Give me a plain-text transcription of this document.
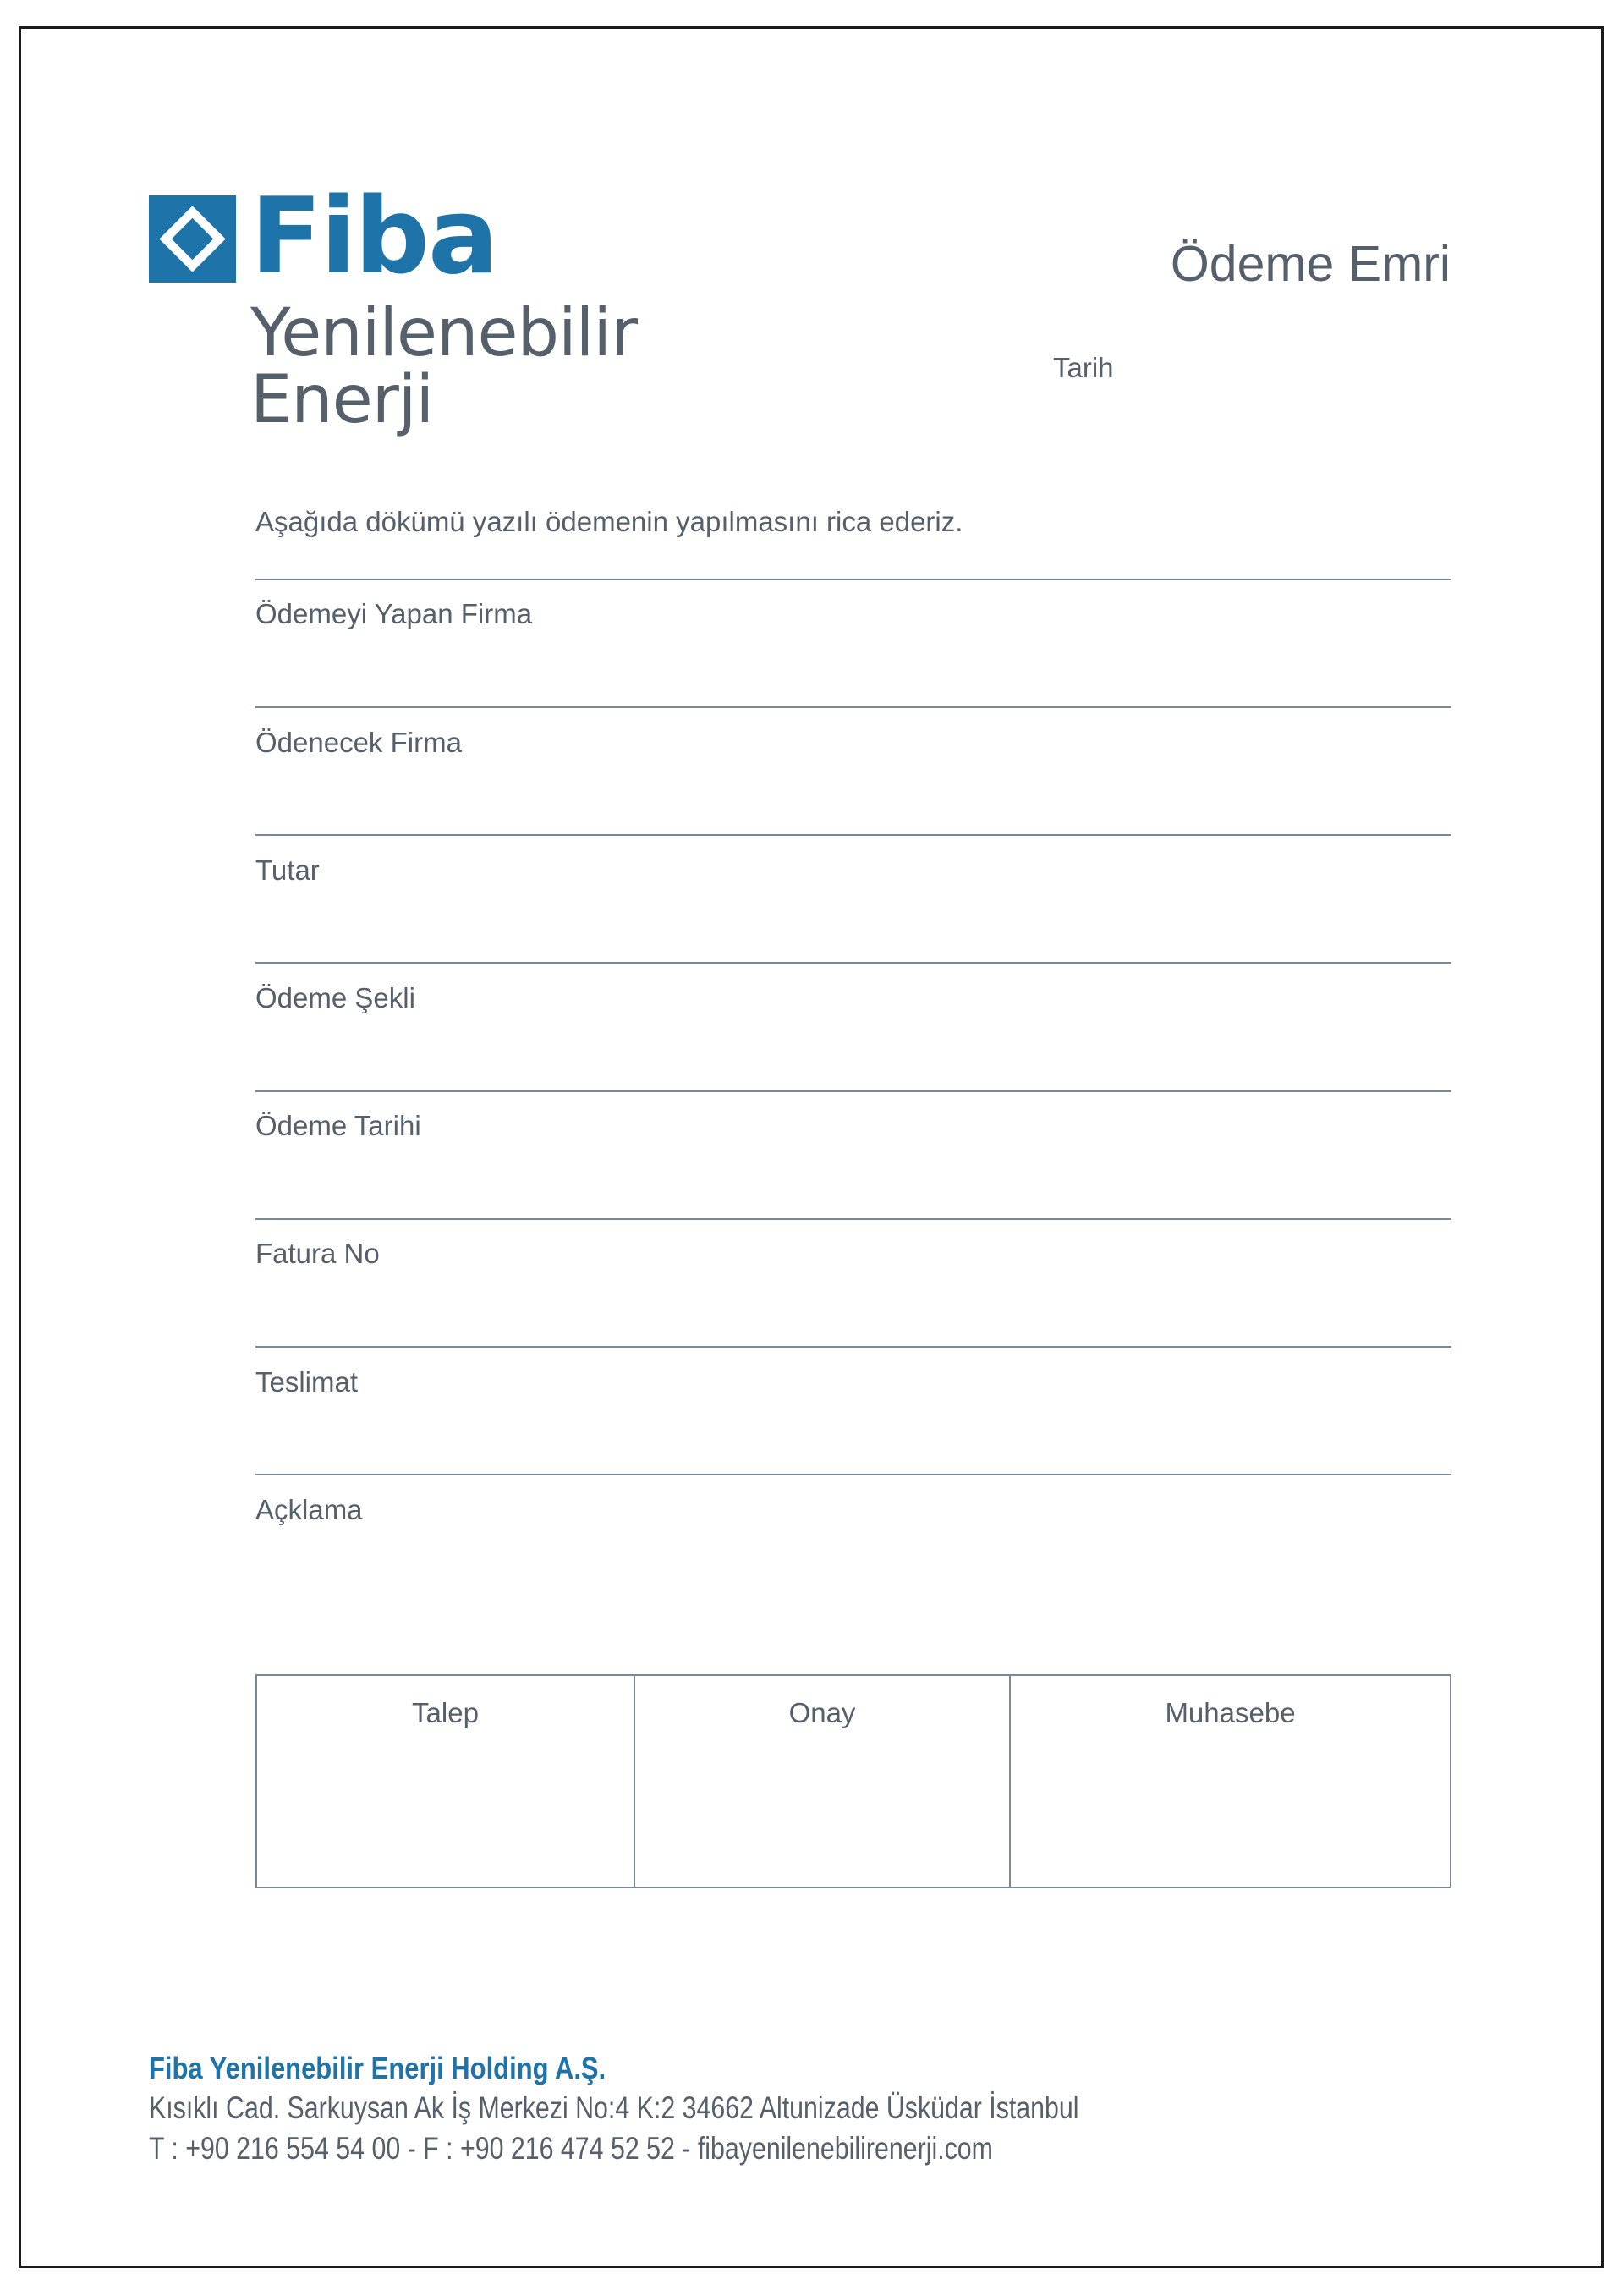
Fiba
Yenilenebilir
Enerji
Ödeme Emri
Tarih
Aşağıda dökümü yazılı ödemenin yapılmasını rica ederiz.
Ödemeyi Yapan Firma
Ödenecek Firma
Tutar
Ödeme Şekli
Ödeme Tarihi
Fatura No
Teslimat
Açklama
Talep	Onay	Muhasebe
Fiba Yenilenebilir Enerji Holding A.Ş.
Kısıklı Cad. Sarkuysan Ak İş Merkezi No:4 K:2 34662 Altunizade Üsküdar İstanbul
T : +90 216 554 54 00 - F : +90 216 474 52 52 - fibayenilenebilirenerji.com
